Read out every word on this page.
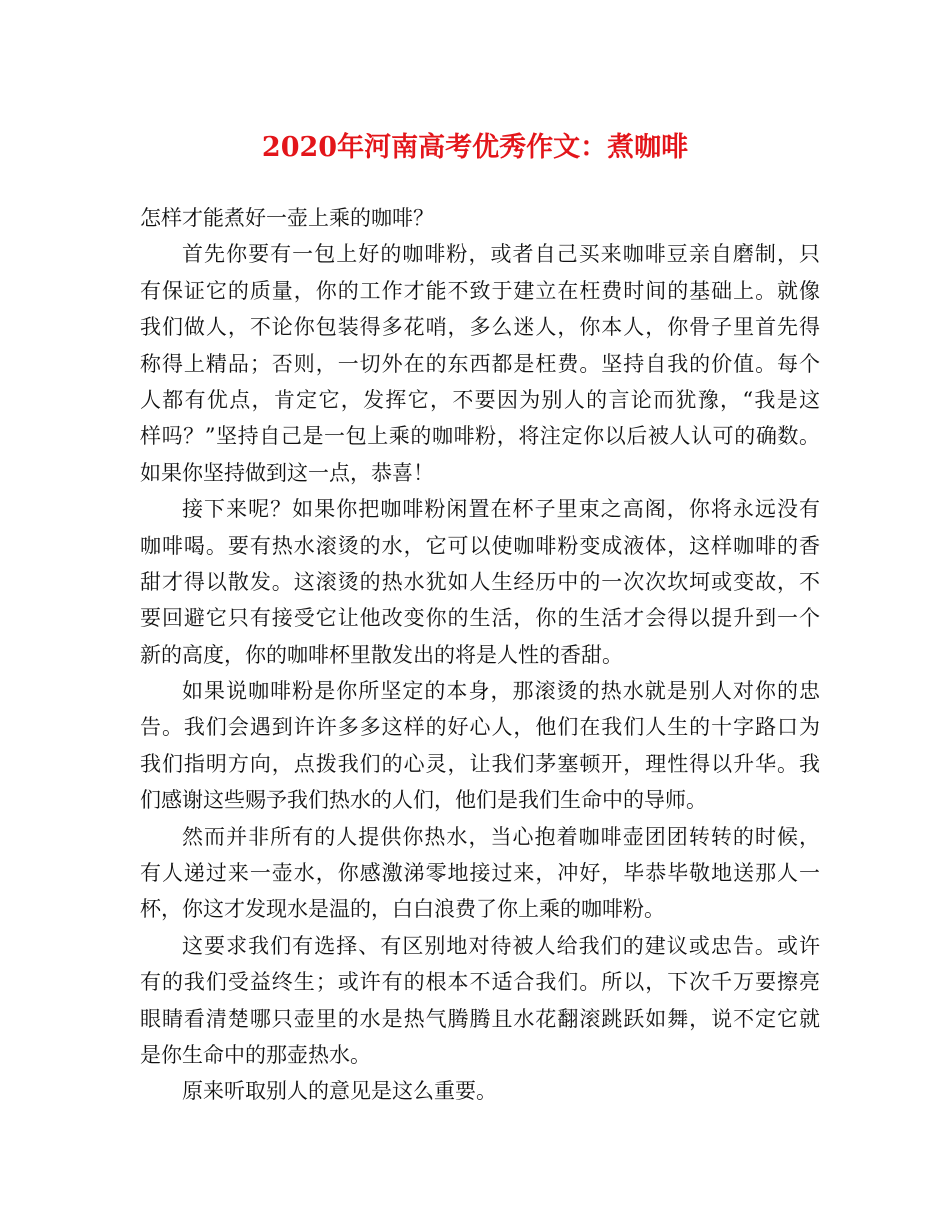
2020年河南高考优秀作文：煮咖啡

怎样才能煮好一壶上乘的咖啡？

首先你要有一包上好的咖啡粉，或者自己买来咖啡豆亲自磨制，只

有保证它的质量，你的工作才能不致于建立在枉费时间的基础上。就像

我们做人，不论你包装得多花哨，多么迷人，你本人，你骨子里首先得

称得上精品；否则，一切外在的东西都是枉费。坚持自我的价值。每个

人都有优点，肯定它，发挥它，不要因为别人的言论而犹豫，“我是这

样吗？”坚持自己是一包上乘的咖啡粉，将注定你以后被人认可的确数。

如果你坚持做到这一点，恭喜！

接下来呢？如果你把咖啡粉闲置在杯子里束之高阁，你将永远没有

咖啡喝。要有热水滚烫的水，它可以使咖啡粉变成液体，这样咖啡的香

甜才得以散发。这滚烫的热水犹如人生经历中的一次次坎坷或变故，不

要回避它只有接受它让他改变你的生活，你的生活才会得以提升到一个

新的高度，你的咖啡杯里散发出的将是人性的香甜。

如果说咖啡粉是你所坚定的本身，那滚烫的热水就是别人对你的忠

告。我们会遇到许许多多这样的好心人，他们在我们人生的十字路口为

我们指明方向，点拨我们的心灵，让我们茅塞顿开，理性得以升华。我

们感谢这些赐予我们热水的人们，他们是我们生命中的导师。

然而并非所有的人提供你热水，当心抱着咖啡壶团团转转的时候，

有人递过来一壶水，你感激涕零地接过来，冲好，毕恭毕敬地送那人一

杯，你这才发现水是温的，白白浪费了你上乘的咖啡粉。

这要求我们有选择、有区别地对待被人给我们的建议或忠告。或许

有的我们受益终生；或许有的根本不适合我们。所以，下次千万要擦亮

眼睛看清楚哪只壶里的水是热气腾腾且水花翻滚跳跃如舞，说不定它就

是你生命中的那壶热水。

原来听取别人的意见是这么重要。
